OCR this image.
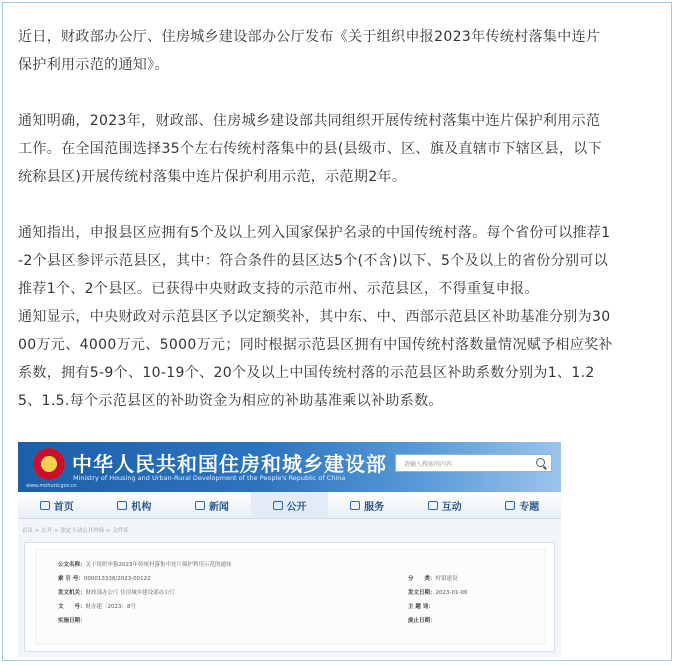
近日，财政部办公厅、住房城乡建设部办公厅发布《关于组织申报2023年传统村落集中连片
保护利用示范的通知》。

通知明确，2023年，财政部、住房城乡建设部共同组织开展传统村落集中连片保护利用示范
工作。在全国范围选择35个左右传统村落集中的县(县级市、区、旗及直辖市下辖区县，以下
统称县区)开展传统村落集中连片保护利用示范，示范期2年。

通知指出，申报县区应拥有5个及以上列入国家保护名录的中国传统村落。每个省份可以推荐1
-2个县区参评示范县区，其中：符合条件的县区达5个(不含)以下、5个及以上的省份分别可以
推荐1个、2个县区。已获得中央财政支持的示范市州、示范县区，不得重复申报。

通知显示，中央财政对示范县区予以定额奖补，其中东、中、西部示范县区补助基准分别为30
00万元、4000万元、5000万元；同时根据示范县区拥有中国传统村落数量情况赋予相应奖补
系数，拥有5-9个、10-19个、20个及以上中国传统村落的示范县区补助系数分别为1、1.2
5、1.5.每个示范县区的补助资金为相应的补助基准乘以补助系数。

中华人民共和国住房和城乡建设部
Ministry of Housing and Urban-Rural Development of the People's Republic of China
www.mohurd.gov.cn
请输入搜索的内容
首页	机构	新闻	公开	服务	互动	专题
首页 > 公开 > 法定主动公开内容 > 文件库
公文名称：关于组织申报2023年传统村落集中连片保护利用示范的通知
索 引 号：000013338/2023-00122	分　　类：村镇建设
发文机关：财政部办公厅 住房城乡建设部办公厅	发文日期：2023-01-06
文　　号：财办建〔2023〕8号	主 题 词：
实施日期：	废止日期：
